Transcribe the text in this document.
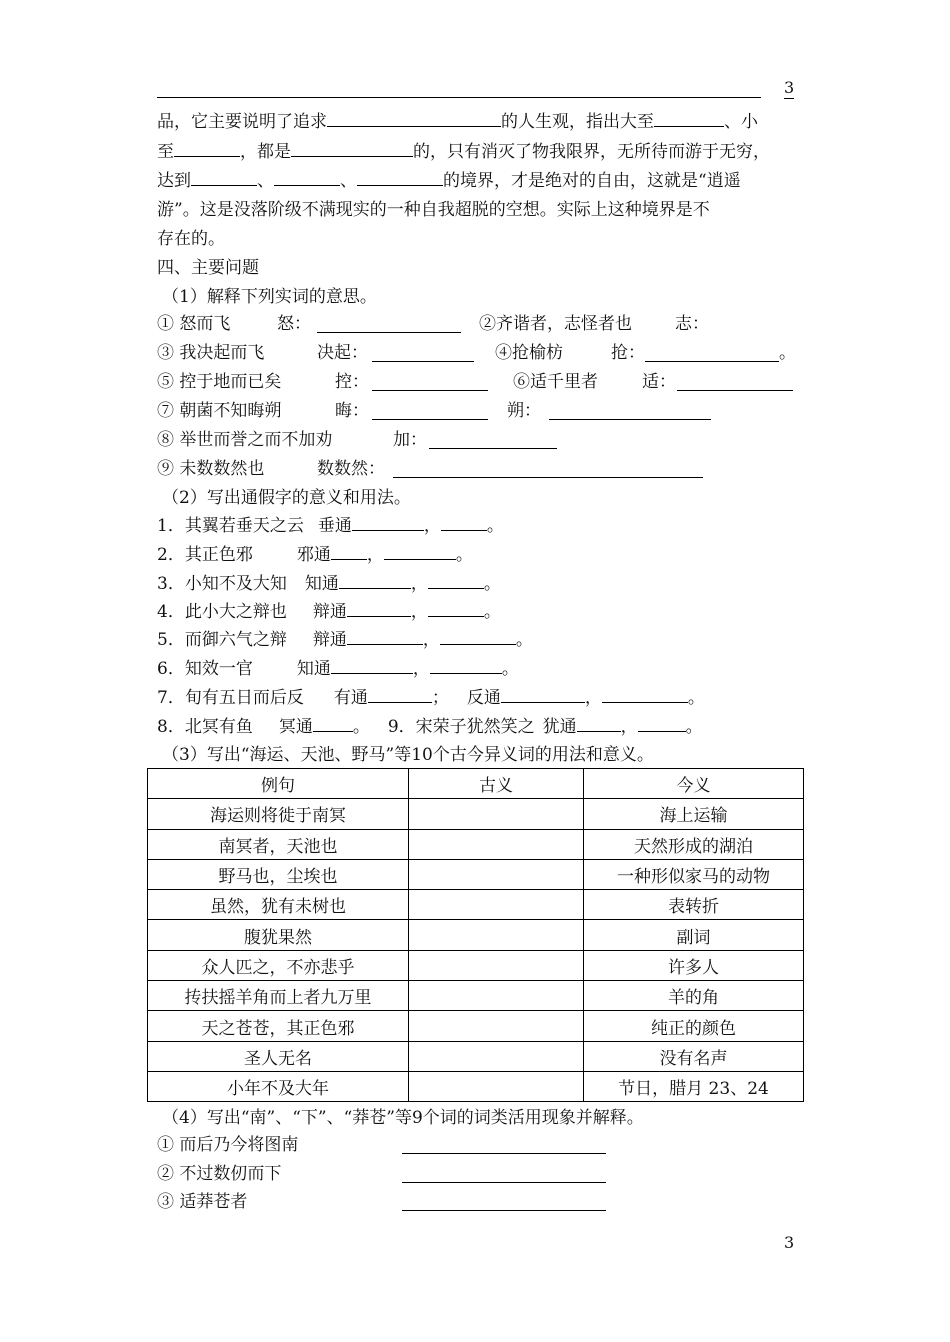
3
品，它主要说明了追求	的人生观，指出大至	、小
至	，都是	的，只有消灭了物我限界，无所待而游于无穷，
达到	、	、	的境界，才是绝对的自由，这就是“逍遥
游”。这是没落阶级不满现实的一种自我超脱的空想。实际上这种境界是不
存在的。
四、主要问题
（1）解释下列实词的意思。
① 怒而飞	怒：	②齐谐者，志怪者也	志：
③ 我决起而飞	决起：	④抢榆枋	抢：	。
⑤ 控于地而已矣	控：	⑥适千里者	适：
⑦ 朝菌不知晦朔	晦：	朔：
⑧ 举世而誉之而不加劝	加：
⑨ 未数数然也	数数然：
（2）写出通假字的意义和用法。
1．其翼若垂天之云 垂通	，	。
2．其正色邪	邪通 ，	。
3．小知不及大知 知通	，	。
4．此小大之辩也 辩通	，	。
5．而御六气之辩 辩通	，	。
6．知效一官	知通	，	。
7．旬有五日而后反 有通	； 反通	，	。
8．北冥有鱼 冥通 。 9．宋荣子犹然笑之 犹通	，	。
（3）写出“海运、天池、野马”等10个古今异义词的用法和意义。
例句	古义	今义
海运则将徙于南冥		海上运输
南冥者，天池也		天然形成的湖泊
野马也，尘埃也		一种形似家马的动物
虽然，犹有未树也		表转折
腹犹果然		副词
众人匹之，不亦悲乎		许多人
抟扶摇羊角而上者九万里		羊的角
天之苍苍，其正色邪		纯正的颜色
圣人无名		没有名声
小年不及大年		节日，腊月 23、24
（4）写出“南”、“下”、“莽苍”等9个词的词类活用现象并解释。
① 而后乃今将图南
② 不过数仞而下
③ 适莽苍者
3
